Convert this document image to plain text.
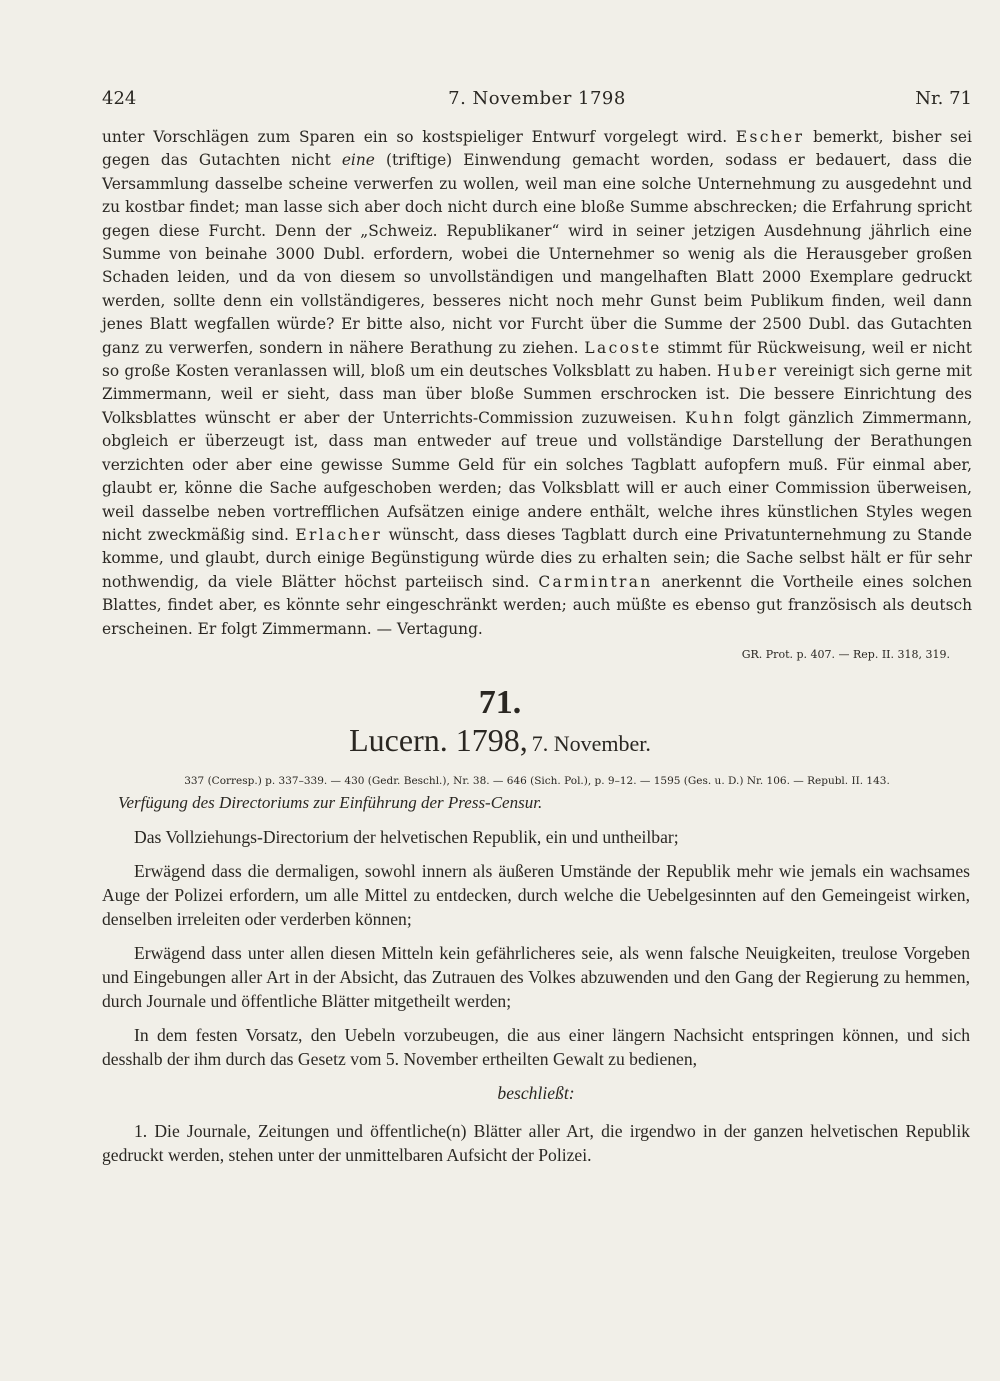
424	7. November 1798	Nr. 71

unter Vorschlägen zum Sparen ein so kostspieliger Entwurf vorgelegt wird. Escher bemerkt, bisher sei gegen das Gutachten nicht eine (triftige) Einwendung gemacht worden, sodass er bedauert, dass die Versammlung dasselbe scheine verwerfen zu wollen, weil man eine solche Unternehmung zu ausgedehnt und zu kostbar findet; man lasse sich aber doch nicht durch eine bloße Summe abschrecken; die Erfahrung spricht gegen diese Furcht. Denn der „Schweiz. Republikaner“ wird in seiner jetzigen Ausdehnung jährlich eine Summe von beinahe 3000 Dubl. erfordern, wobei die Unternehmer so wenig als die Herausgeber großen Schaden leiden, und da von diesem so unvollständigen und mangelhaften Blatt 2000 Exemplare gedruckt werden, sollte denn ein vollständigeres, besseres nicht noch mehr Gunst beim Publikum finden, weil dann jenes Blatt wegfallen würde? Er bitte also, nicht vor Furcht über die Summe der 2500 Dubl. das Gutachten ganz zu verwerfen, sondern in nähere Berathung zu ziehen. Lacoste stimmt für Rückweisung, weil er nicht so große Kosten veranlassen will, bloß um ein deutsches Volksblatt zu haben. Huber vereinigt sich gerne mit Zimmermann, weil er sieht, dass man über bloße Summen erschrocken ist. Die bessere Einrichtung des Volksblattes wünscht er aber der Unterrichts-Commission zuzuweisen. Kuhn folgt gänzlich Zimmermann, obgleich er überzeugt ist, dass man entweder auf treue und vollständige Darstellung der Berathungen verzichten oder aber eine gewisse Summe Geld für ein solches Tagblatt aufopfern muß. Für einmal aber, glaubt er, könne die Sache aufgeschoben werden; das Volksblatt will er auch einer Commission überweisen, weil dasselbe neben vortrefflichen Aufsätzen einige andere enthält, welche ihres künstlichen Styles wegen nicht zweckmäßig sind. Erlacher wünscht, dass dieses Tagblatt durch eine Privatunternehmung zu Stande komme, und glaubt, durch einige Begünstigung würde dies zu erhalten sein; die Sache selbst hält er für sehr nothwendig, da viele Blätter höchst parteiisch sind. Carmintran anerkennt die Vortheile eines solchen Blattes, findet aber, es könnte sehr eingeschränkt werden; auch müßte es ebenso gut französisch als deutsch erscheinen. Er folgt Zimmermann. — Vertagung.

GR. Prot. p. 407. — Rep. II. 318, 319.
71.
Lucern. 1798, 7. November.
337 (Corresp.) p. 337–339. — 430 (Gedr. Beschl.), Nr. 38. — 646 (Sich. Pol.), p. 9–12. — 1595 (Ges. u. D.) Nr. 106. — Republ. II. 143.
Verfügung des Directoriums zur Einführung der Press-Censur.

Das Vollziehungs-Directorium der helvetischen Republik, ein und untheilbar;

Erwägend dass die dermaligen, sowohl innern als äußeren Umstände der Republik mehr wie jemals ein wachsames Auge der Polizei erfordern, um alle Mittel zu entdecken, durch welche die Uebelgesinnten auf den Gemeingeist wirken, denselben irreleiten oder verderben können;

Erwägend dass unter allen diesen Mitteln kein gefährlicheres seie, als wenn falsche Neuigkeiten, treulose Vorgeben und Eingebungen aller Art in der Absicht, das Zutrauen des Volkes abzuwenden und den Gang der Regierung zu hemmen, durch Journale und öffentliche Blätter mitgetheilt werden;

In dem festen Vorsatz, den Uebeln vorzubeugen, die aus einer längern Nachsicht entspringen können, und sich desshalb der ihm durch das Gesetz vom 5. November ertheilten Gewalt zu bedienen,

beschließt:

1. Die Journale, Zeitungen und öffentliche(n) Blätter aller Art, die irgendwo in der ganzen helvetischen Republik gedruckt werden, stehen unter der unmittelbaren Aufsicht der Polizei.
